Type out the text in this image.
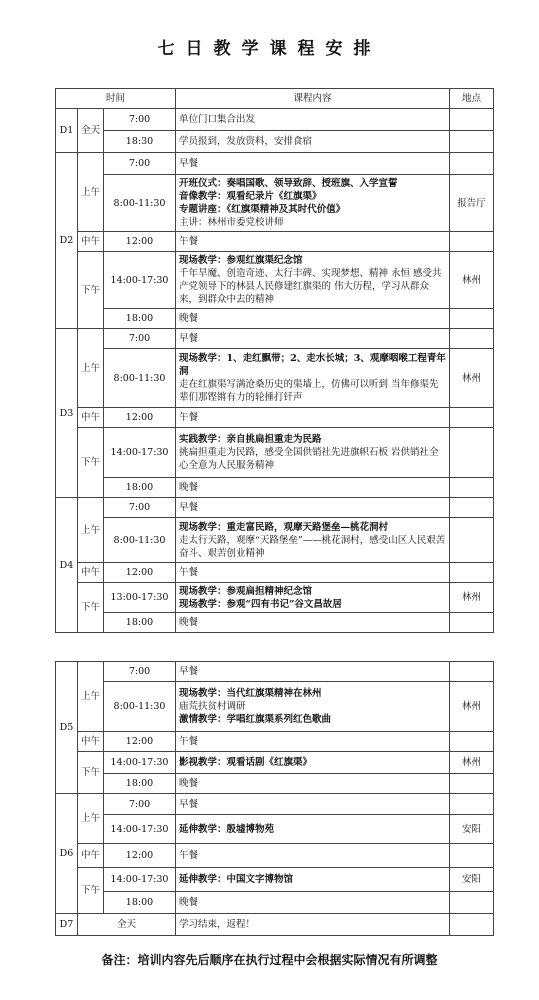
七日教学课程安排
时间			课程内容	地点
D1	全天	7:00	单位门口集合出发	

		18:30	学员报到，发放资料，安排食宿	

D2	上午	7:00	早餐	

		8:00-11:30	开班仪式：奏唱国歌、领导致辞、授班旗、入学宣誓
音像教学：观看纪录片《红旗渠》
专题讲座：《红旗渠精神及其时代价值》
主讲：林州市委党校讲师	报告厅
	中午	12:00	午餐	

	下午	14:00-17:30	现场教学：参观红旗渠纪念馆
千年旱魔、创造奇迹、太行丰碑、实现梦想、精神 永恒 感受共产党领导下的林县人民修建红旗渠的 伟大历程，学习从群众来，到群众中去的精神	林州
		18:00	晚餐	

D3	上午	7:00	早餐	

		8:00-11:30	现场教学：1、走红飘带；2、走水长城；3、观摩咽喉工程青年洞
走在红旗渠写满沧桑历史的渠墙上，仿佛可以听到 当年修渠先辈们那铿锵有力的轮捶打钎声	林州
	中午	12:00	午餐	

	下午	14:00-17:30	实践教学：亲自挑扁担重走为民路
挑扁担重走为民路，感受全国供销社先进旗帜石板 岩供销社全心全意为人民服务精神	

		18:00	晚餐	

D4	上午	7:00	早餐	

		8:00-11:30	现场教学：重走富民路，观摩天路堡垒—桃花洞村
走太行天路，观摩“天路堡垒”——桃花洞村，感受山区人民艰苦奋斗、艰苦创业精神	

	中午	12:00	午餐	

	下午	13:00-17:30	现场教学：参观扁担精神纪念馆
现场教学：参观“四有书记”谷文昌故居	林州
		18:00	晚餐	

D5	上午	7:00	早餐	

		8:00-11:30	现场教学：当代红旗渠精神在林州
庙荒扶贫村调研
激情教学：学唱红旗渠系列红色歌曲	林州
	中午	12:00	午餐	

	下午	14:00-17:30	影视教学：观看话剧《红旗渠》	林州
		18:00	晚餐	

D6	上午	7:00	早餐	

		14:00-17:30	延伸教学：殷墟博物苑	安阳
	中午	12:00	午餐	

	下午	14:00-17:30	延伸教学：中国文字博物馆	安阳
		18:00	晚餐	

D7	全天		学习结束，返程！	

备注：培训内容先后顺序在执行过程中会根据实际情况有所调整
